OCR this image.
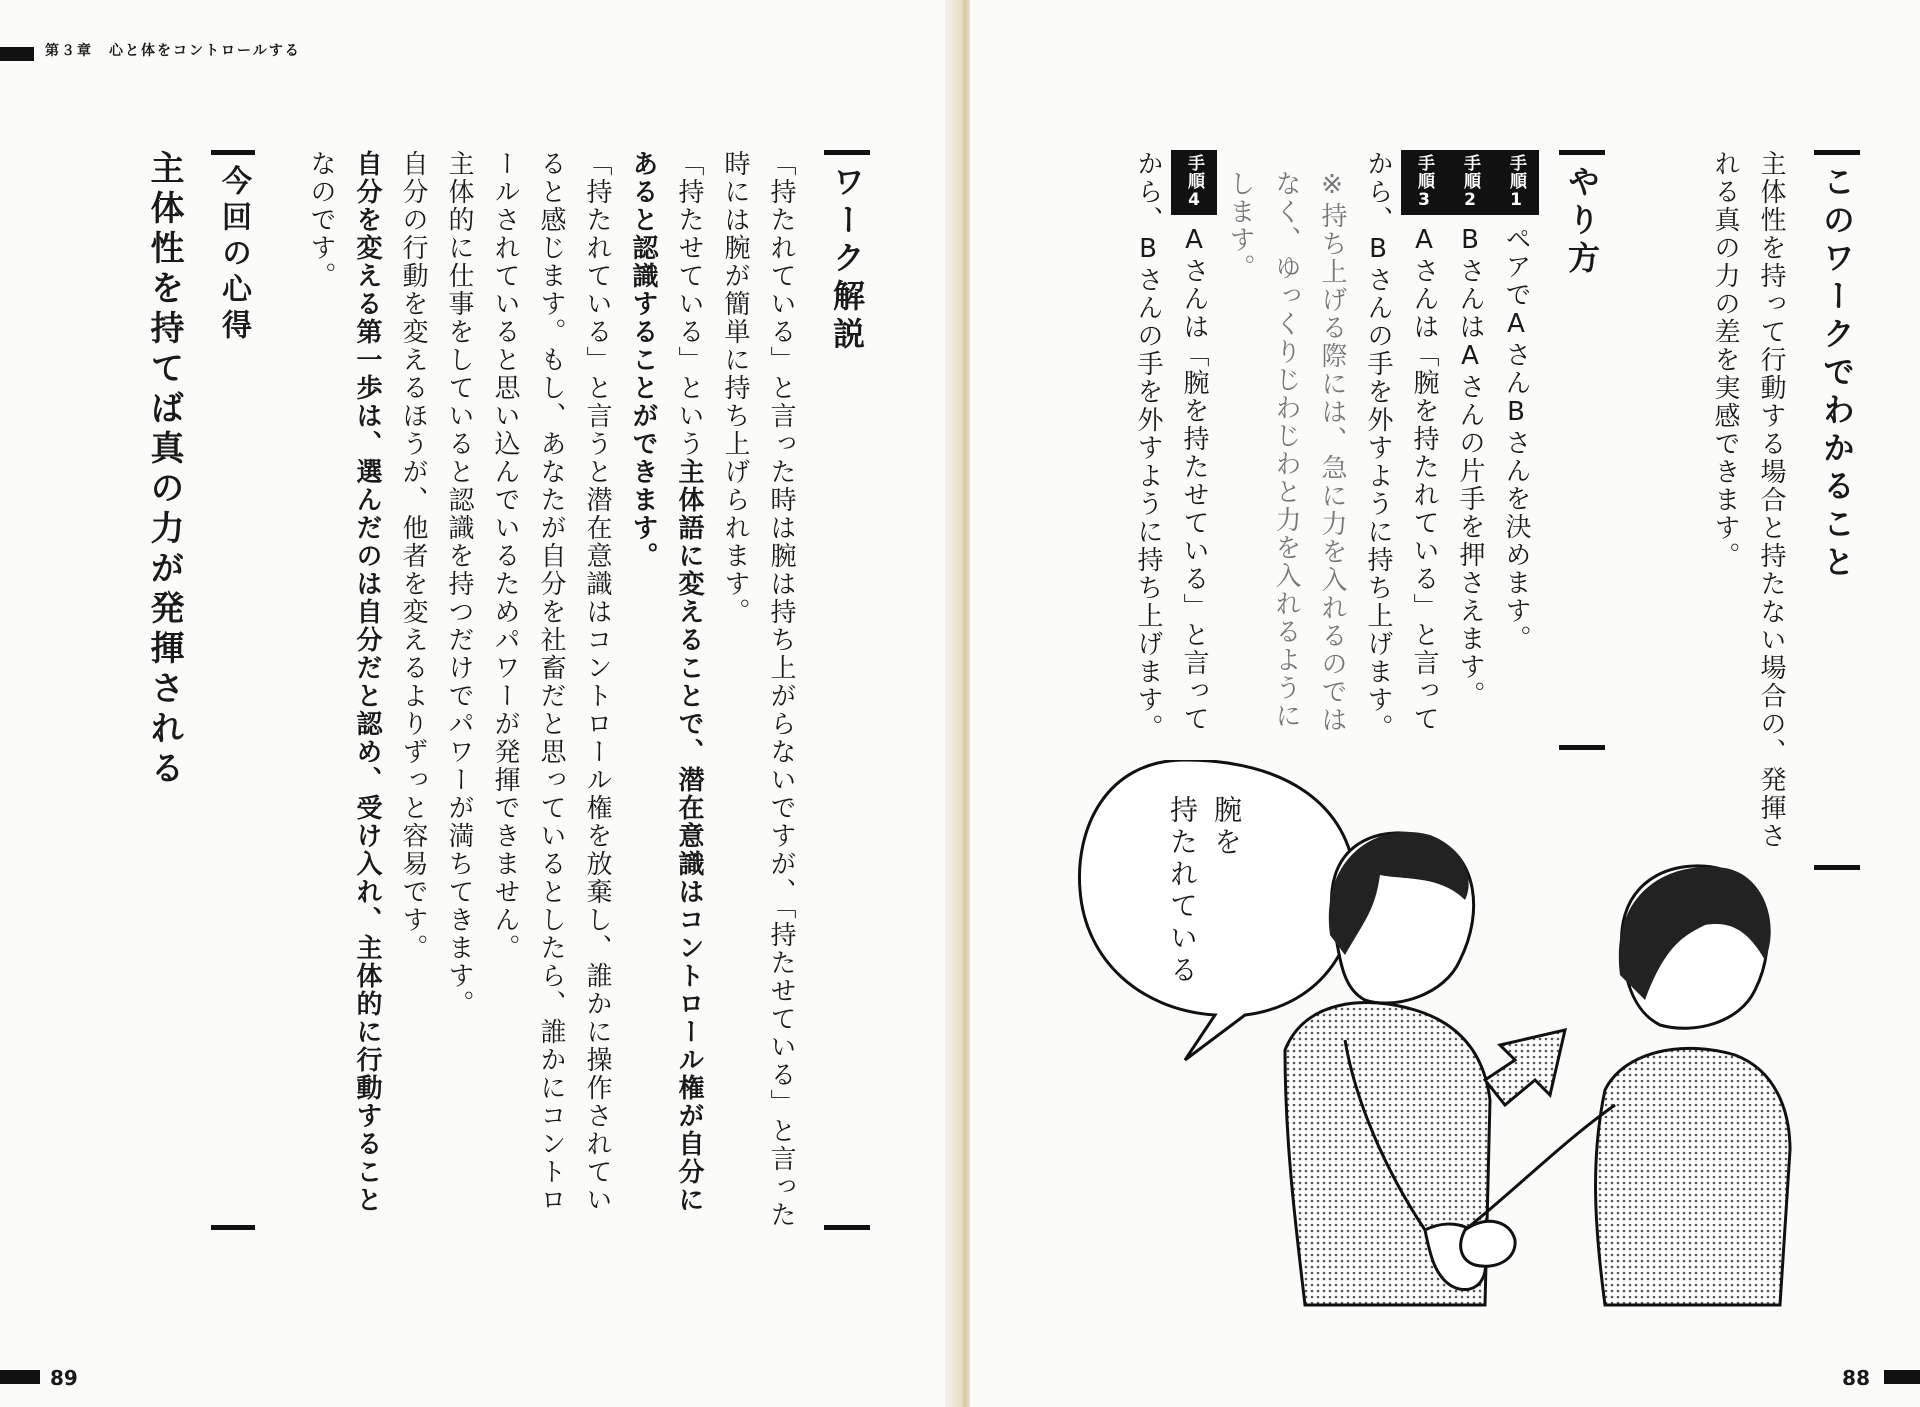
第３章　心と体をコントロールする
ワーク解説

「持たれている」と言った時は腕は持ち上がらないですが、「持たせている」と言った時には腕が簡単に持ち上げられます。

「持たせている」という主体語に変えることで、潜在意識はコントロール権が自分にあると認識することができます。

「持たれている」と言うと潜在意識はコントロール権を放棄し、誰かに操作されていると感じます。もし、あなたが自分を社畜だと思っているとしたら、誰かにコントロールされていると思い込んでいるためパワーが発揮できません。

主体的に仕事をしていると認識を持つだけでパワーが満ちてきます。

自分の行動を変えるほうが、他者を変えるよりずっと容易です。

自分を変える第一歩は、選んだのは自分だと認め、受け入れ、主体的に行動することなのです。

今回の心得
主体性を持てば真の力が発揮される
89
このワークでわかること

主体性を持って行動する場合と持たない場合の、発揮される真の力の差を実感できます。

やり方
手順1ペアでAさんBさんを決めます。
手順2BさんはAさんの片手を押さえます。
手順3Aさんは「腕を持たれている」と言ってから、Bさんの手を外すように持ち上げます。
※持ち上げる際には、急に力を入れるのではなく、ゆっくりじわじわと力を入れるようにします。
手順4Aさんは「腕を持たせている」と言ってから、Bさんの手を外すように持ち上げます。
88
腕を
持たれている
